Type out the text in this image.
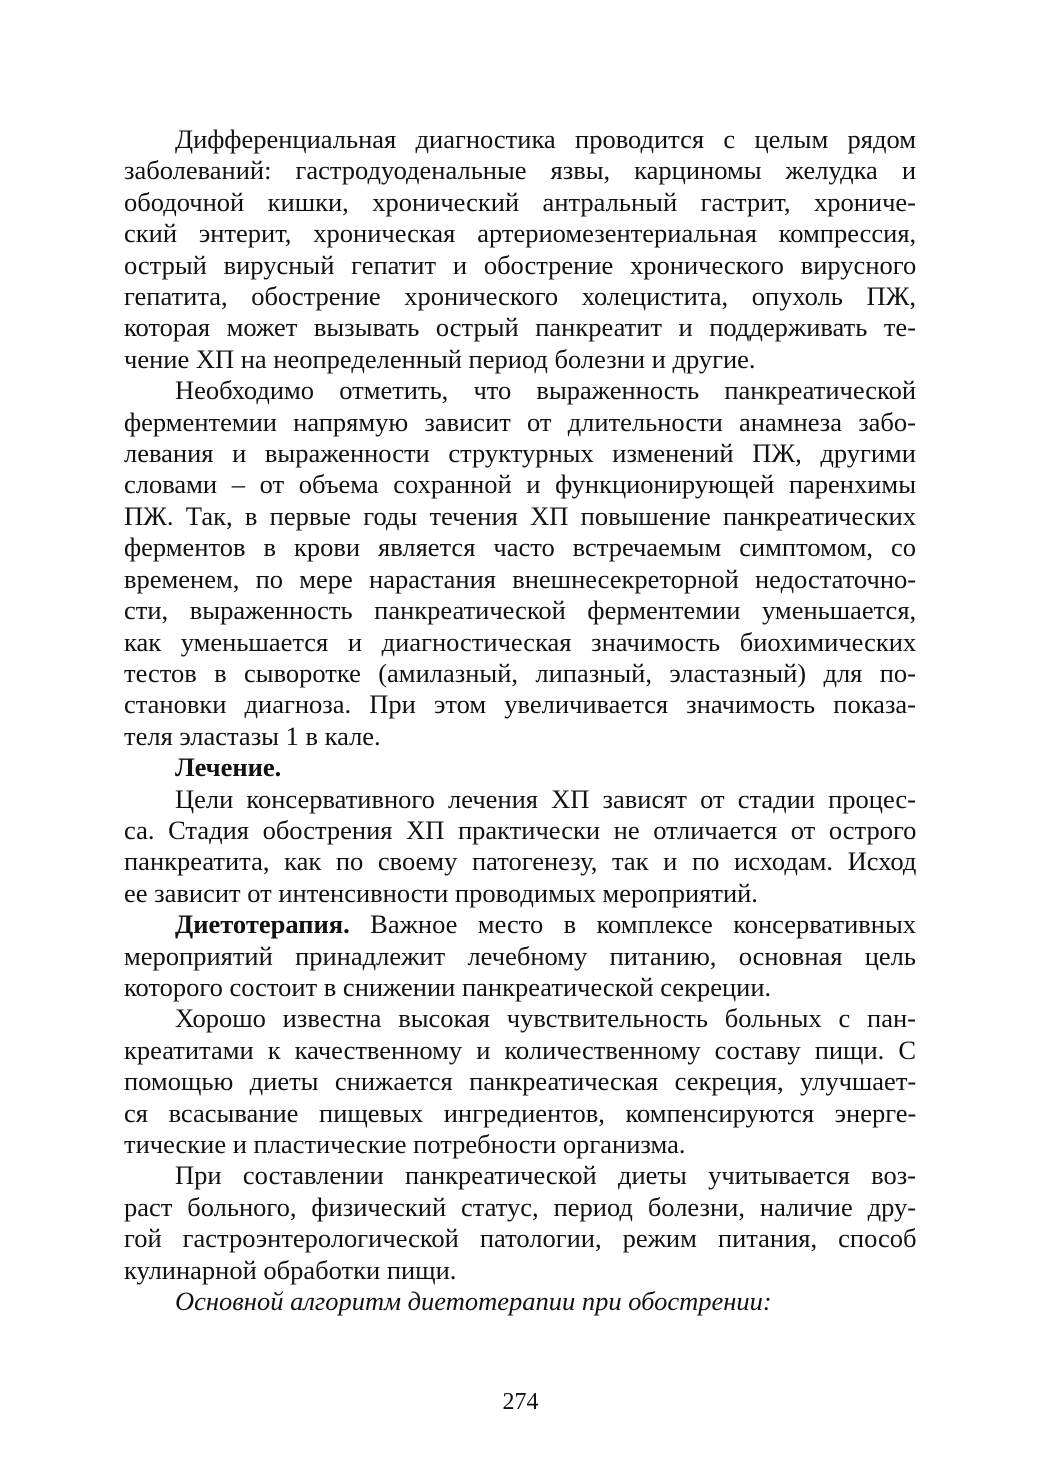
Дифференциальная диагностика проводится с целым рядом
заболеваний: гастродуоденальные язвы, карциномы желудка и
ободочной кишки, хронический антральный гастрит, хрониче-
ский энтерит, хроническая артериомезентериальная компрессия,
острый вирусный гепатит и обострение хронического вирусного
гепатита, обострение хронического холецистита, опухоль ПЖ,
которая может вызывать острый панкреатит и поддерживать те-
чение ХП на неопределенный период болезни и другие.
Необходимо отметить, что выраженность панкреатической
ферментемии напрямую зависит от длительности анамнеза забо-
левания и выраженности структурных изменений ПЖ, другими
словами – от объема сохранной и функционирующей паренхимы
ПЖ. Так, в первые годы течения ХП повышение панкреатических
ферментов в крови является часто встречаемым симптомом, со
временем, по мере нарастания внешнесекреторной недостаточно-
сти, выраженность панкреатической ферментемии уменьшается,
как уменьшается и диагностическая значимость биохимических
тестов в сыворотке (амилазный, липазный, эластазный) для по-
становки диагноза. При этом увеличивается значимость показа-
теля эластазы 1 в кале.
Лечение.
Цели консервативного лечения ХП зависят от стадии процес-
са. Стадия обострения ХП практически не отличается от острого
панкреатита, как по своему патогенезу, так и по исходам. Исход
ее зависит от интенсивности проводимых мероприятий.
Диетотерапия. Важное место в комплексе консервативных
мероприятий принадлежит лечебному питанию, основная цель
которого состоит в снижении панкреатической секреции.
Хорошо известна высокая чувствительность больных с пан-
креатитами к качественному и количественному составу пищи. С
помощью диеты снижается панкреатическая секреция, улучшает-
ся всасывание пищевых ингредиентов, компенсируются энерге-
тические и пластические потребности организма.
При составлении панкреатической диеты учитывается воз-
раст больного, физический статус, период болезни, наличие дру-
гой гастроэнтерологической патологии, режим питания, способ
кулинарной обработки пищи.
Основной алгоритм диетотерапии при обострении:
274
